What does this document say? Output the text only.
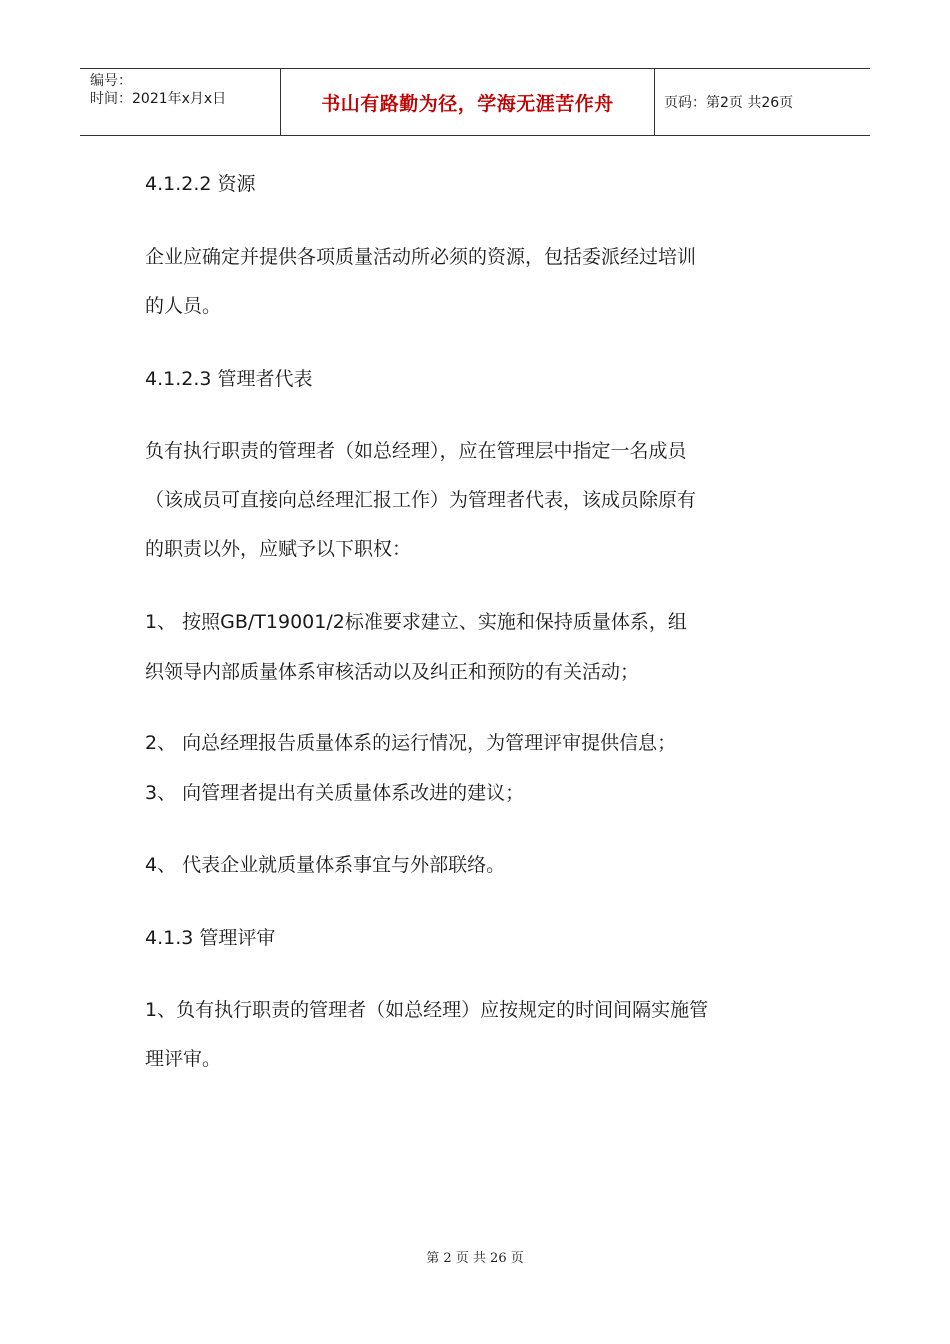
编号：
时间：2021年x月x日	书山有路勤为径，学海无涯苦作舟	页码：第2页 共26页

4.1.2.2 资源

企业应确定并提供各项质量活动所必须的资源，包括委派经过培训

的人员。

4.1.2.3 管理者代表

负有执行职责的管理者（如总经理），应在管理层中指定一名成员

（该成员可直接向总经理汇报工作）为管理者代表，该成员除原有

的职责以外，应赋予以下职权：

1、 按照GB/T19001/2标准要求建立、实施和保持质量体系，组

织领导内部质量体系审核活动以及纠正和预防的有关活动；

2、 向总经理报告质量体系的运行情况，为管理评审提供信息；

3、 向管理者提出有关质量体系改进的建议；

4、 代表企业就质量体系事宜与外部联络。

4.1.3 管理评审

1、负有执行职责的管理者（如总经理）应按规定的时间间隔实施管

理评审。

第 2 页 共 26 页
